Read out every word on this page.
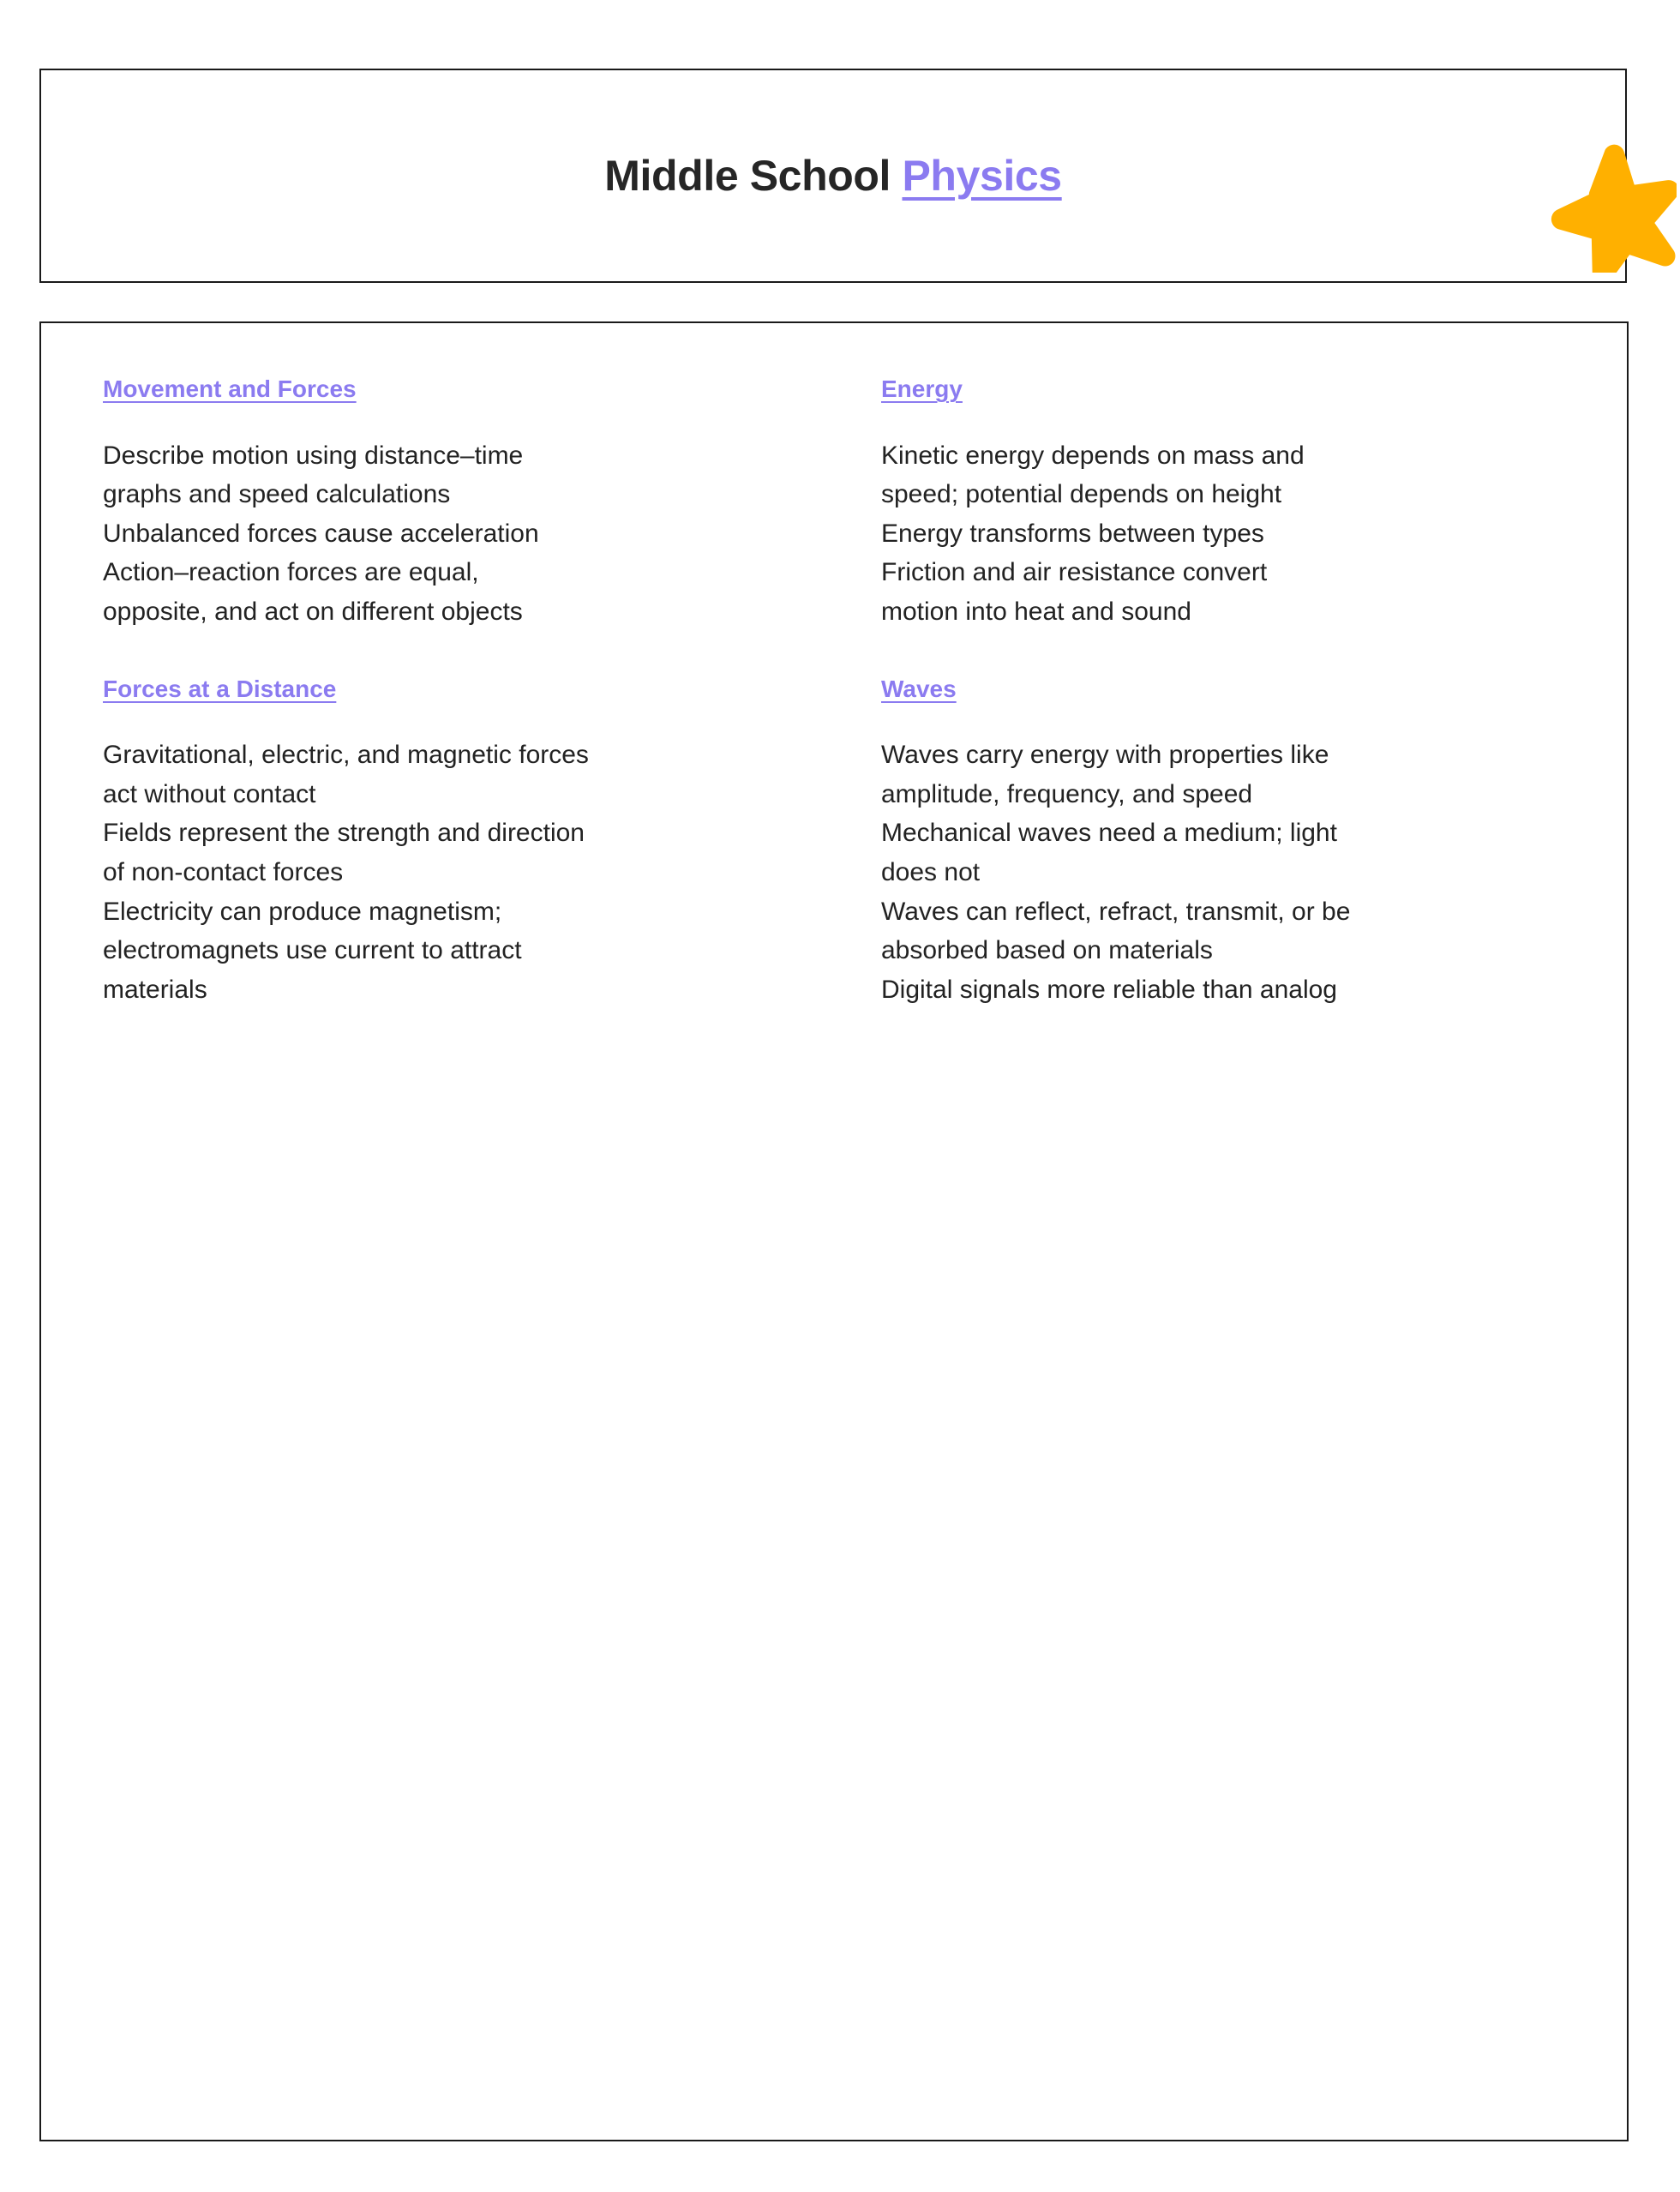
Middle School Physics
Movement and Forces

Describe motion using distance–time

graphs and speed calculations

Unbalanced forces cause acceleration

Action–reaction forces are equal,

opposite, and act on different objects

Forces at a Distance

Gravitational, electric, and magnetic forces

act without contact

Fields represent the strength and direction

of non-contact forces

Electricity can produce magnetism;

electromagnets use current to attract

materials

Energy

Kinetic energy depends on mass and

speed; potential depends on height

Energy transforms between types

Friction and air resistance convert

motion into heat and sound

Waves

Waves carry energy with properties like

amplitude, frequency, and speed

Mechanical waves need a medium; light

does not

Waves can reflect, refract, transmit, or be

absorbed based on materials

Digital signals more reliable than analog
